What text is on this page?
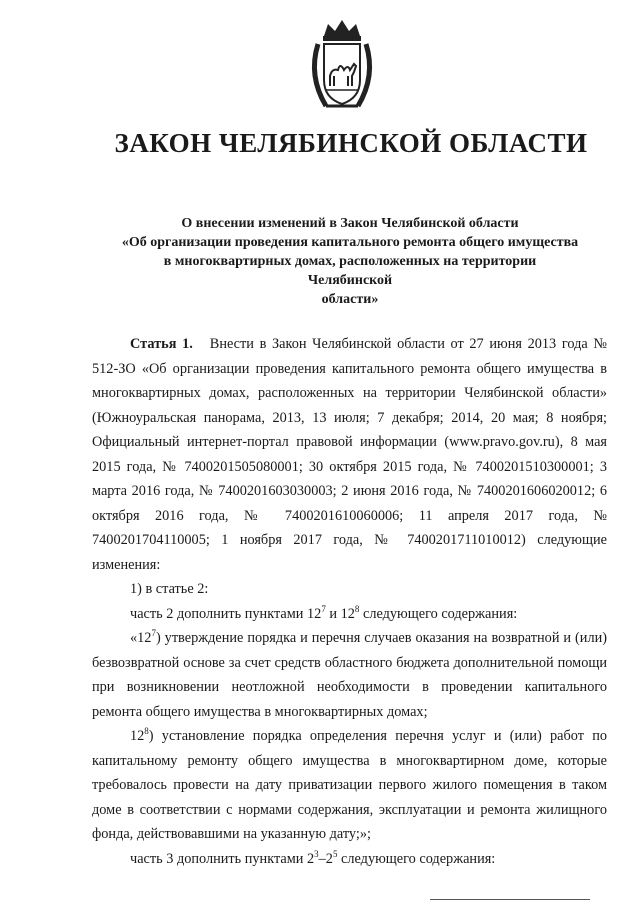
ЗАКОН ЧЕЛЯБИНСКОЙ ОБЛАСТИ
О внесении изменений в Закон Челябинской области
«Об организации проведения капитального ремонта общего имущества
в многоквартирных домах, расположенных на территории Челябинской
области»

Статья 1. Внести в Закон Челябинской области от 27 июня 2013 года № 512-ЗО «Об организации проведения капитального ремонта общего имущества в многоквартирных домах, расположенных на территории Челябинской области» (Южноуральская панорама, 2013, 13 июля; 7 декабря; 2014, 20 мая; 8 ноября; Официальный интернет-портал правовой информации (www.pravo.gov.ru), 8 мая 2015 года, № 7400201505080001; 30 октября 2015 года, № 7400201510300001; 3 марта 2016 года, № 7400201603030003; 2 июня 2016 года, № 7400201606020012; 6 октября 2016 года, № 7400201610060006; 11 апреля 2017 года, № 7400201704110005; 1 ноября 2017 года, № 7400201711010012) следующие изменения:

1) в статье 2:

часть 2 дополнить пунктами $12^7$ и $12^8$ следующего содержания:

«$12^7$) утверждение порядка и перечня случаев оказания на возвратной и (или) безвозвратной основе за счет средств областного бюджета дополнительной помощи при возникновении неотложной необходимости в проведении капитального ремонта общего имущества в многоквартирных домах;

$12^8$) установление порядка определения перечня услуг и (или) работ по капитальному ремонту общего имущества в многоквартирном доме, которые требовалось провести на дату приватизации первого жилого помещения в таком доме в соответствии с нормами содержания, эксплуатации и ремонта жилищного фонда, действовавшими на указанную дату;»;

часть 3 дополнить пунктами $2^3-2^5$ следующего содержания:
